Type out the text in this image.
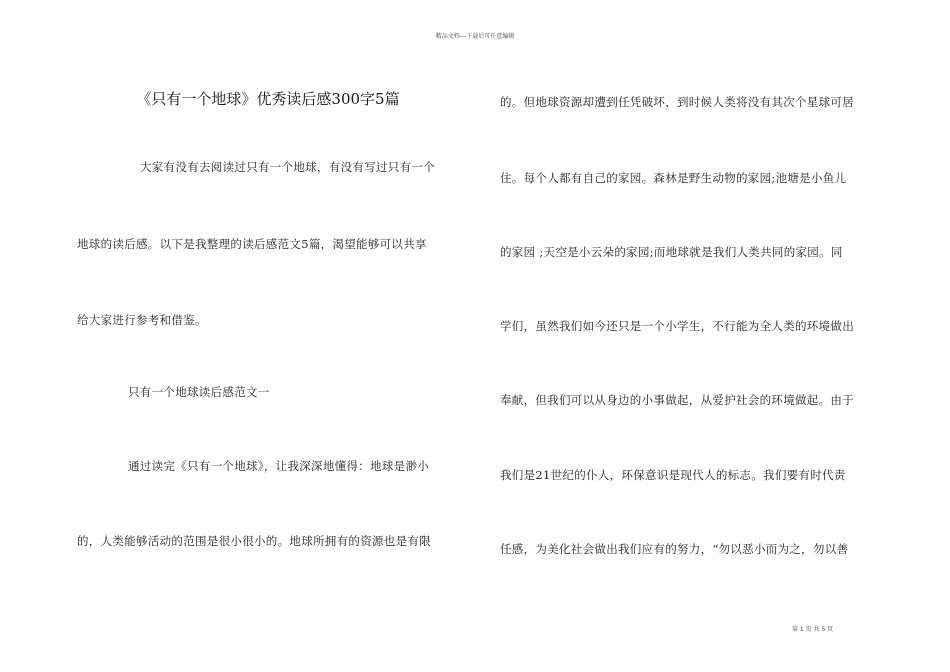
精品文档---下载后可任意编辑
《只有一个地球》优秀读后感300字5篇
大家有没有去阅读过只有一个地球，有没有写过只有一个
地球的读后感。以下是我整理的读后感范文5篇，渴望能够可以共享
给大家进行参考和借鉴。
只有一个地球读后感范文一
通过读完《只有一个地球》，让我深深地懂得：地球是渺小
的，人类能够活动的范围是很小很小的。地球所拥有的资源也是有限
的。但地球资源却遭到任凭破坏，到时候人类将没有其次个星球可居
住。每个人都有自己的家园。森林是野生动物的家园;池塘是小鱼儿
的家园 ;天空是小云朵的家园;而地球就是我们人类共同的家园。同
学们，虽然我们如今还只是一个小学生，不行能为全人类的环境做出
奉献，但我们可以从身边的小事做起，从爱护社会的环境做起。由于
我们是21世纪的仆人，环保意识是现代人的标志。我们要有时代责
任感，为美化社会做出我们应有的努力，“勿以恶小而为之，勿以善
第 1 页 共 5 页
